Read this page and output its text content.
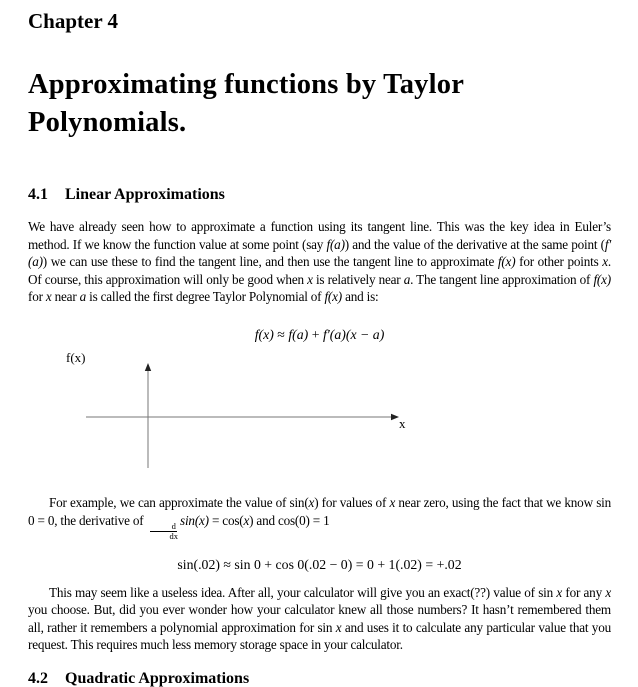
Chapter 4
Approximating functions by Taylor Polynomials.
4.1 Linear Approximations
We have already seen how to approximate a function using its tangent line. This was the key idea in Euler’s method. If we know the function value at some point (say f(a)) and the value of the derivative at the same point (f′(a)) we can use these to find the tangent line, and then use the tangent line to approximate f(x) for other points x. Of course, this approximation will only be good when x is relatively near a. The tangent line approximation of f(x) for x near a is called the first degree Taylor Polynomial of f(x) and is:
f(x) ≈ f(a) + f′(a)(x − a)
f(x)
x
For example, we can approximate the value of sin(x) for values of x near zero, using the fact that we know sin 0 = 0, the derivative of
$\frac{d}{dx}$
sin(x) = cos(x) and cos(0) = 1
sin(.02) ≈ sin 0 + cos 0(.02 − 0) = 0 + 1(.02) = +.02
This may seem like a useless idea. After all, your calculator will give you an exact(??) value of sin x for any x you choose. But, did you ever wonder how your calculator knew all those numbers? It hasn’t remembered them all, rather it remembers a polynomial approximation for sin x and uses it to calculate any particular value that you request. This requires much less memory storage space in your calculator.
4.2 Quadratic Approximations
